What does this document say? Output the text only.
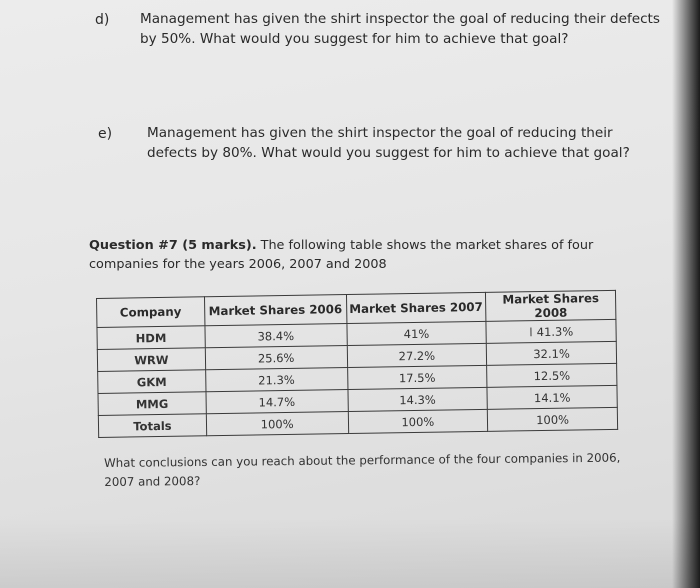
d) Management has given the shirt inspector the goal of reducing their defects by 50%. What would you suggest for him to achieve that goal?
e)	Management has given the shirt inspector the goal of reducing their defects by 80%. What would you suggest for him to achieve that goal?
Question #7 (5 marks). The following table shows the market shares of four companies for the years 2006, 2007 and 2008
Company	Market Shares 2006	Market Shares 2007	Market Shares 2008
HDM	38.4%	41%	I 41.3%
WRW	25.6%	27.2%	32.1%
GKM	21.3%	17.5%	12.5%
MMG	14.7%	14.3%	14.1%
Totals	100%	100%	100%
What conclusions can you reach about the performance of the four companies in 2006, 2007 and 2008?
